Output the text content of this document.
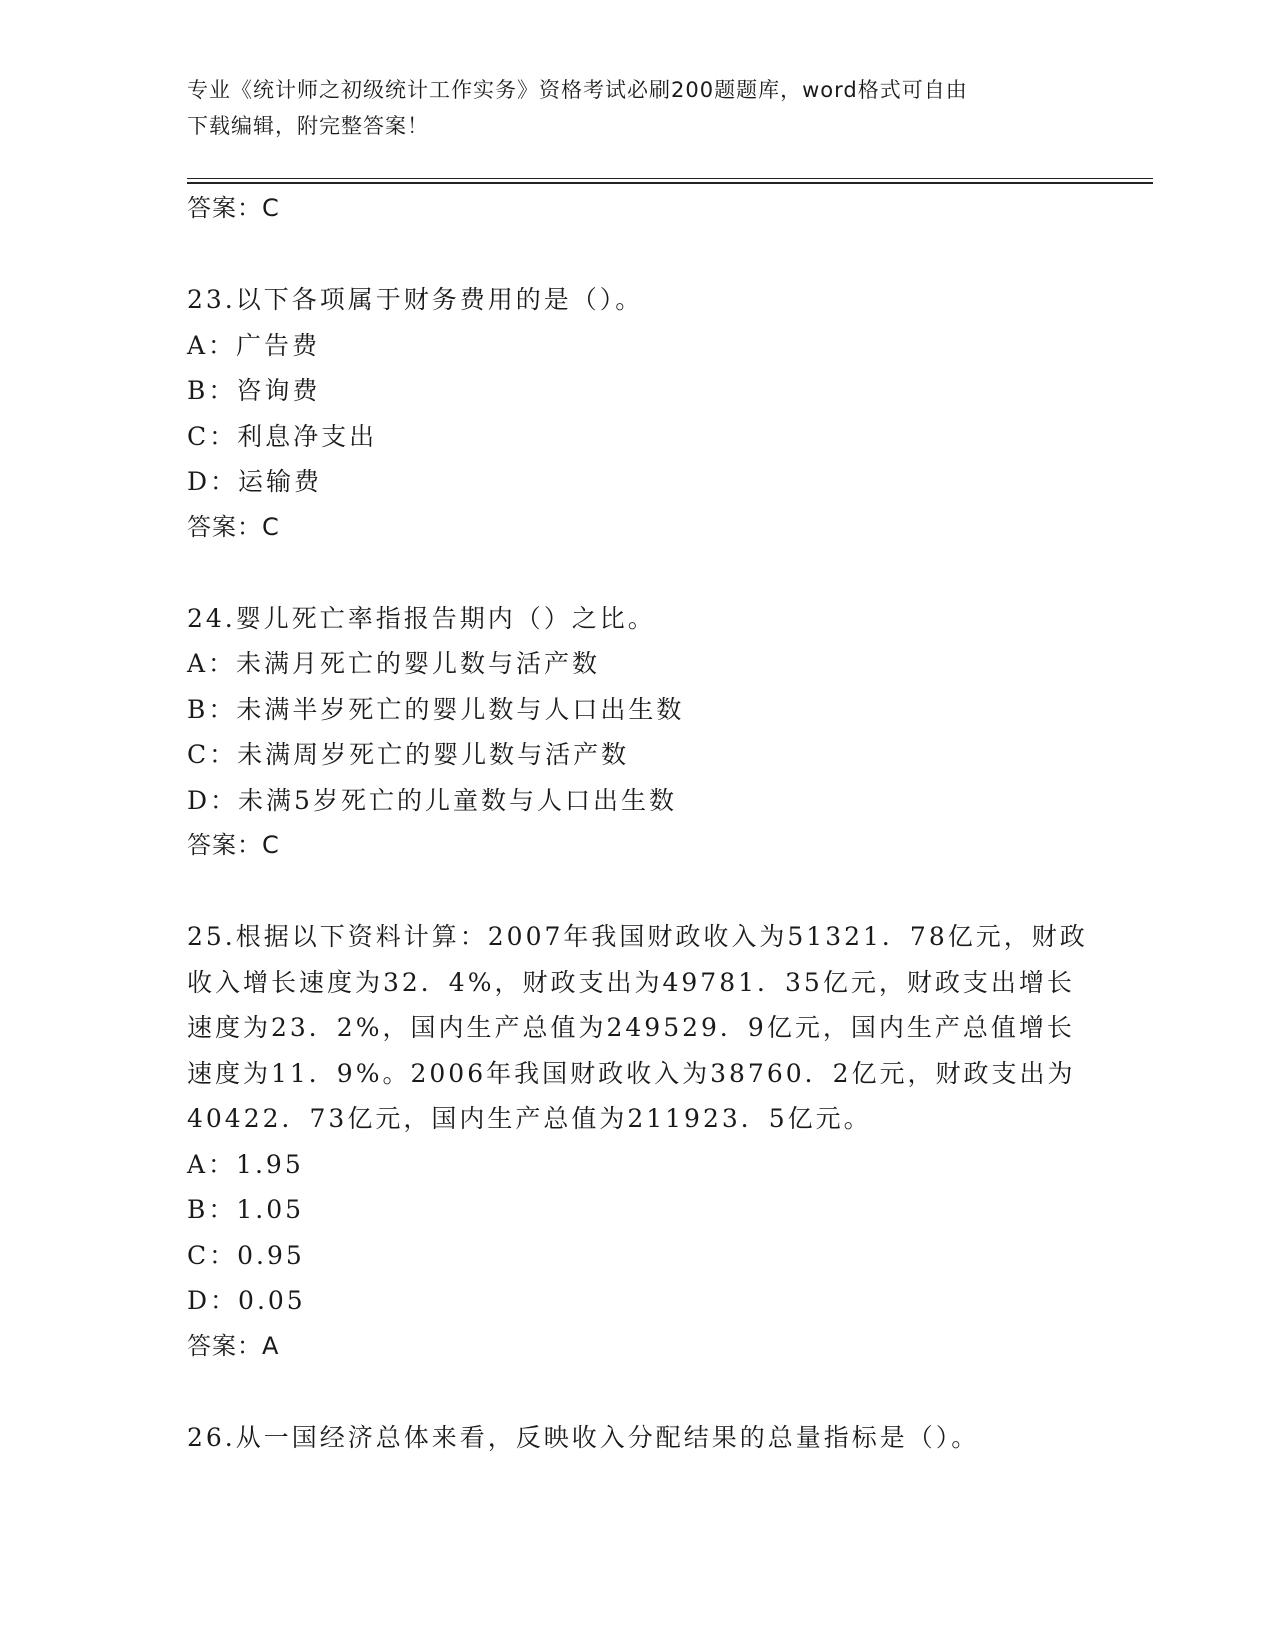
专业《统计师之初级统计工作实务》资格考试必刷200题题库，word格式可自由
下载编辑，附完整答案！
答案：C
23.以下各项属于财务费用的是（）。
A：广告费
B：咨询费
C：利息净支出
D：运输费
答案：C
24.婴儿死亡率指报告期内（）之比。
A：未满月死亡的婴儿数与活产数
B：未满半岁死亡的婴儿数与人口出生数
C：未满周岁死亡的婴儿数与活产数
D：未满5岁死亡的儿童数与人口出生数
答案：C
25.根据以下资料计算：2007年我国财政收入为51321．78亿元，财政
收入增长速度为32．4%，财政支出为49781．35亿元，财政支出增长
速度为23．2%，国内生产总值为249529．9亿元，国内生产总值增长
速度为11．9%。2006年我国财政收入为38760．2亿元，财政支出为
40422．73亿元，国内生产总值为211923．5亿元。
A：1.95
B：1.05
C：0.95
D：0.05
答案：A
26.从一国经济总体来看，反映收入分配结果的总量指标是（）。
